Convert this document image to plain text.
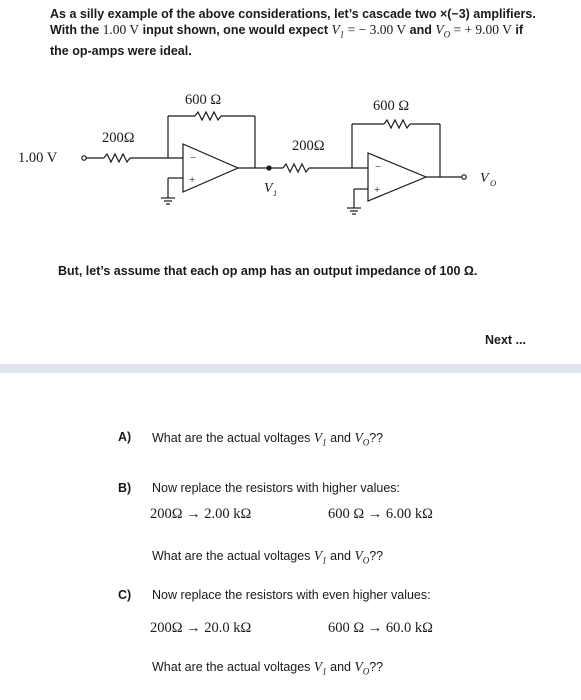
As a silly example of the above considerations, let’s cascade two ×(−3) amplifiers.
With the 1.00 V input shown, one would expect $V_1$ = − 3.00 V and $V_O$ = + 9.00 V if
the op-amps were ideal.
1.00 V
200Ω
600 Ω
200Ω
600 Ω
−
+
−
+
V 1
V O
But, let’s assume that each op amp has an output impedance of 100 Ω.
Next ...
A) What are the actual voltages $V_1$ and $V_O$??
B) Now replace the resistors with higher values:
200Ω → 2.00 kΩ	600 Ω → 6.00 kΩ
What are the actual voltages $V_1$ and $V_O$??
C) Now replace the resistors with even higher values:
200Ω → 20.0 kΩ	600 Ω → 60.0 kΩ
What are the actual voltages $V_1$ and $V_O$??
